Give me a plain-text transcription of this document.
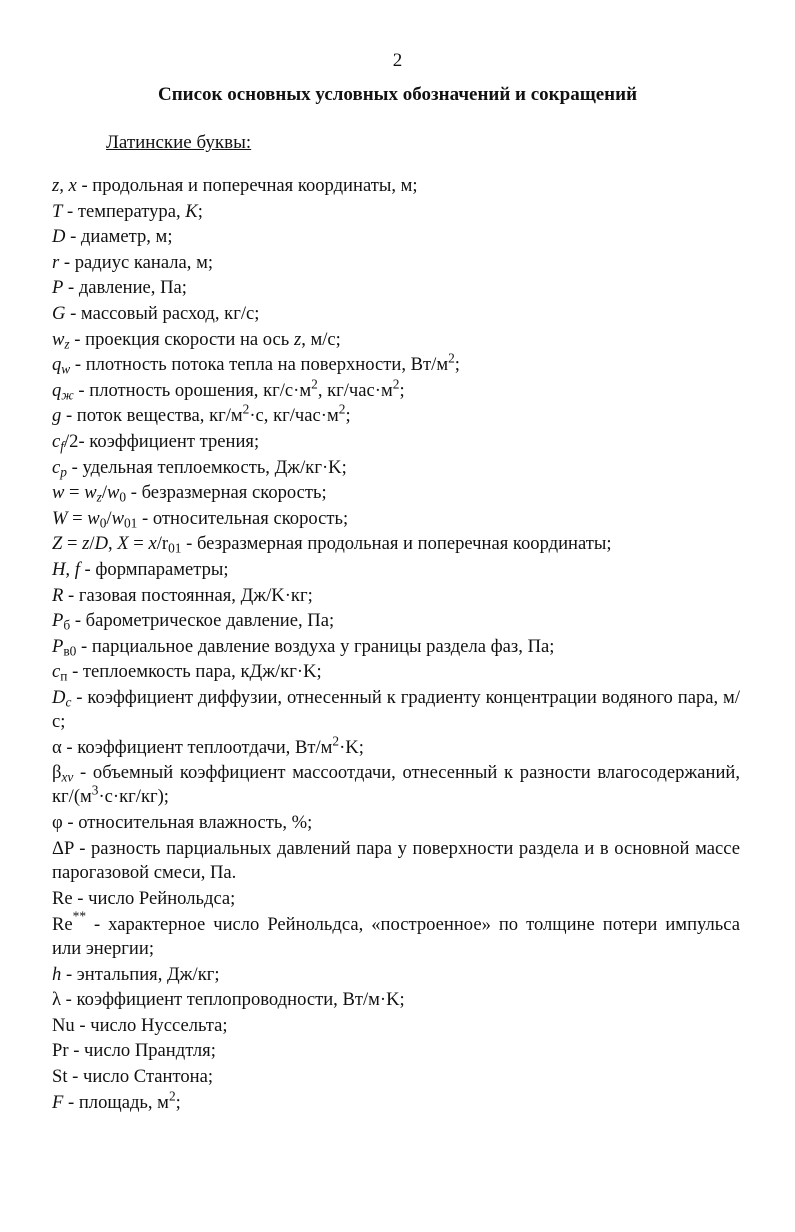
2
Список основных условных обозначений и сокращений
Латинские буквы:
z, x - продольная и поперечная координаты, м;
T - температура, K;
D - диаметр, м;
r - радиус канала, м;
P - давление, Па;
G - массовый расход, кг/с;
$w_z$ - проекция скорости на ось z, м/с;
$q_w$ - плотность потока тепла на поверхности, $Вт/м^2$;
$q_ж$ - плотность орошения, $кг/с\cdot м^2$, $кг/час\cdot м^2$;
g - поток вещества, $кг/м^2\cdot с$, $кг/час\cdot м^2$;
$c_f/2-$ коэффициент трения;
$c_p$ - удельная теплоемкость, Дж/кг·K;
$w = w_z/w_0$ - безразмерная скорость;
$W = w_0/w_{01}$ - относительная скорость;
Z = z/D, $X = x/r_{01}$ - безразмерная продольная и поперечная координаты;
H, f - формпараметры;
R - газовая постоянная, Дж/K·кг;
$P_б$ - барометрическое давление, Па;
$P_{в0}$ - парциальное давление воздуха у границы раздела фаз, Па;
$c_п$ - теплоемкость пара, кДж/кг·K;
$D_c$ - коэффициент диффузии, отнесенный к градиенту концентрации водяного пара, м/с;
α - коэффициент теплоотдачи, $Вт/м^2\cdot K$;
$\beta_{xv}$ - объемный коэффициент массоотдачи, отнесенный к разности влагосодержаний, $кг/(м^3\cdot с\cdot кг/кг)$;
φ - относительная влажность, %;
ΔP - разность парциальных давлений пара у поверхности раздела и в основной массе парогазовой смеси, Па.
Re - число Рейнольдса;
Re** - характерное число Рейнольдса, «построенное» по толщине потери импульса или энергии;
h - энтальпия, Дж/кг;
λ - коэффициент теплопроводности, Вт/м·K;
Nu - число Нуссельта;
Pr - число Прандтля;
St - число Стантона;
F - площадь, $м^2$;
